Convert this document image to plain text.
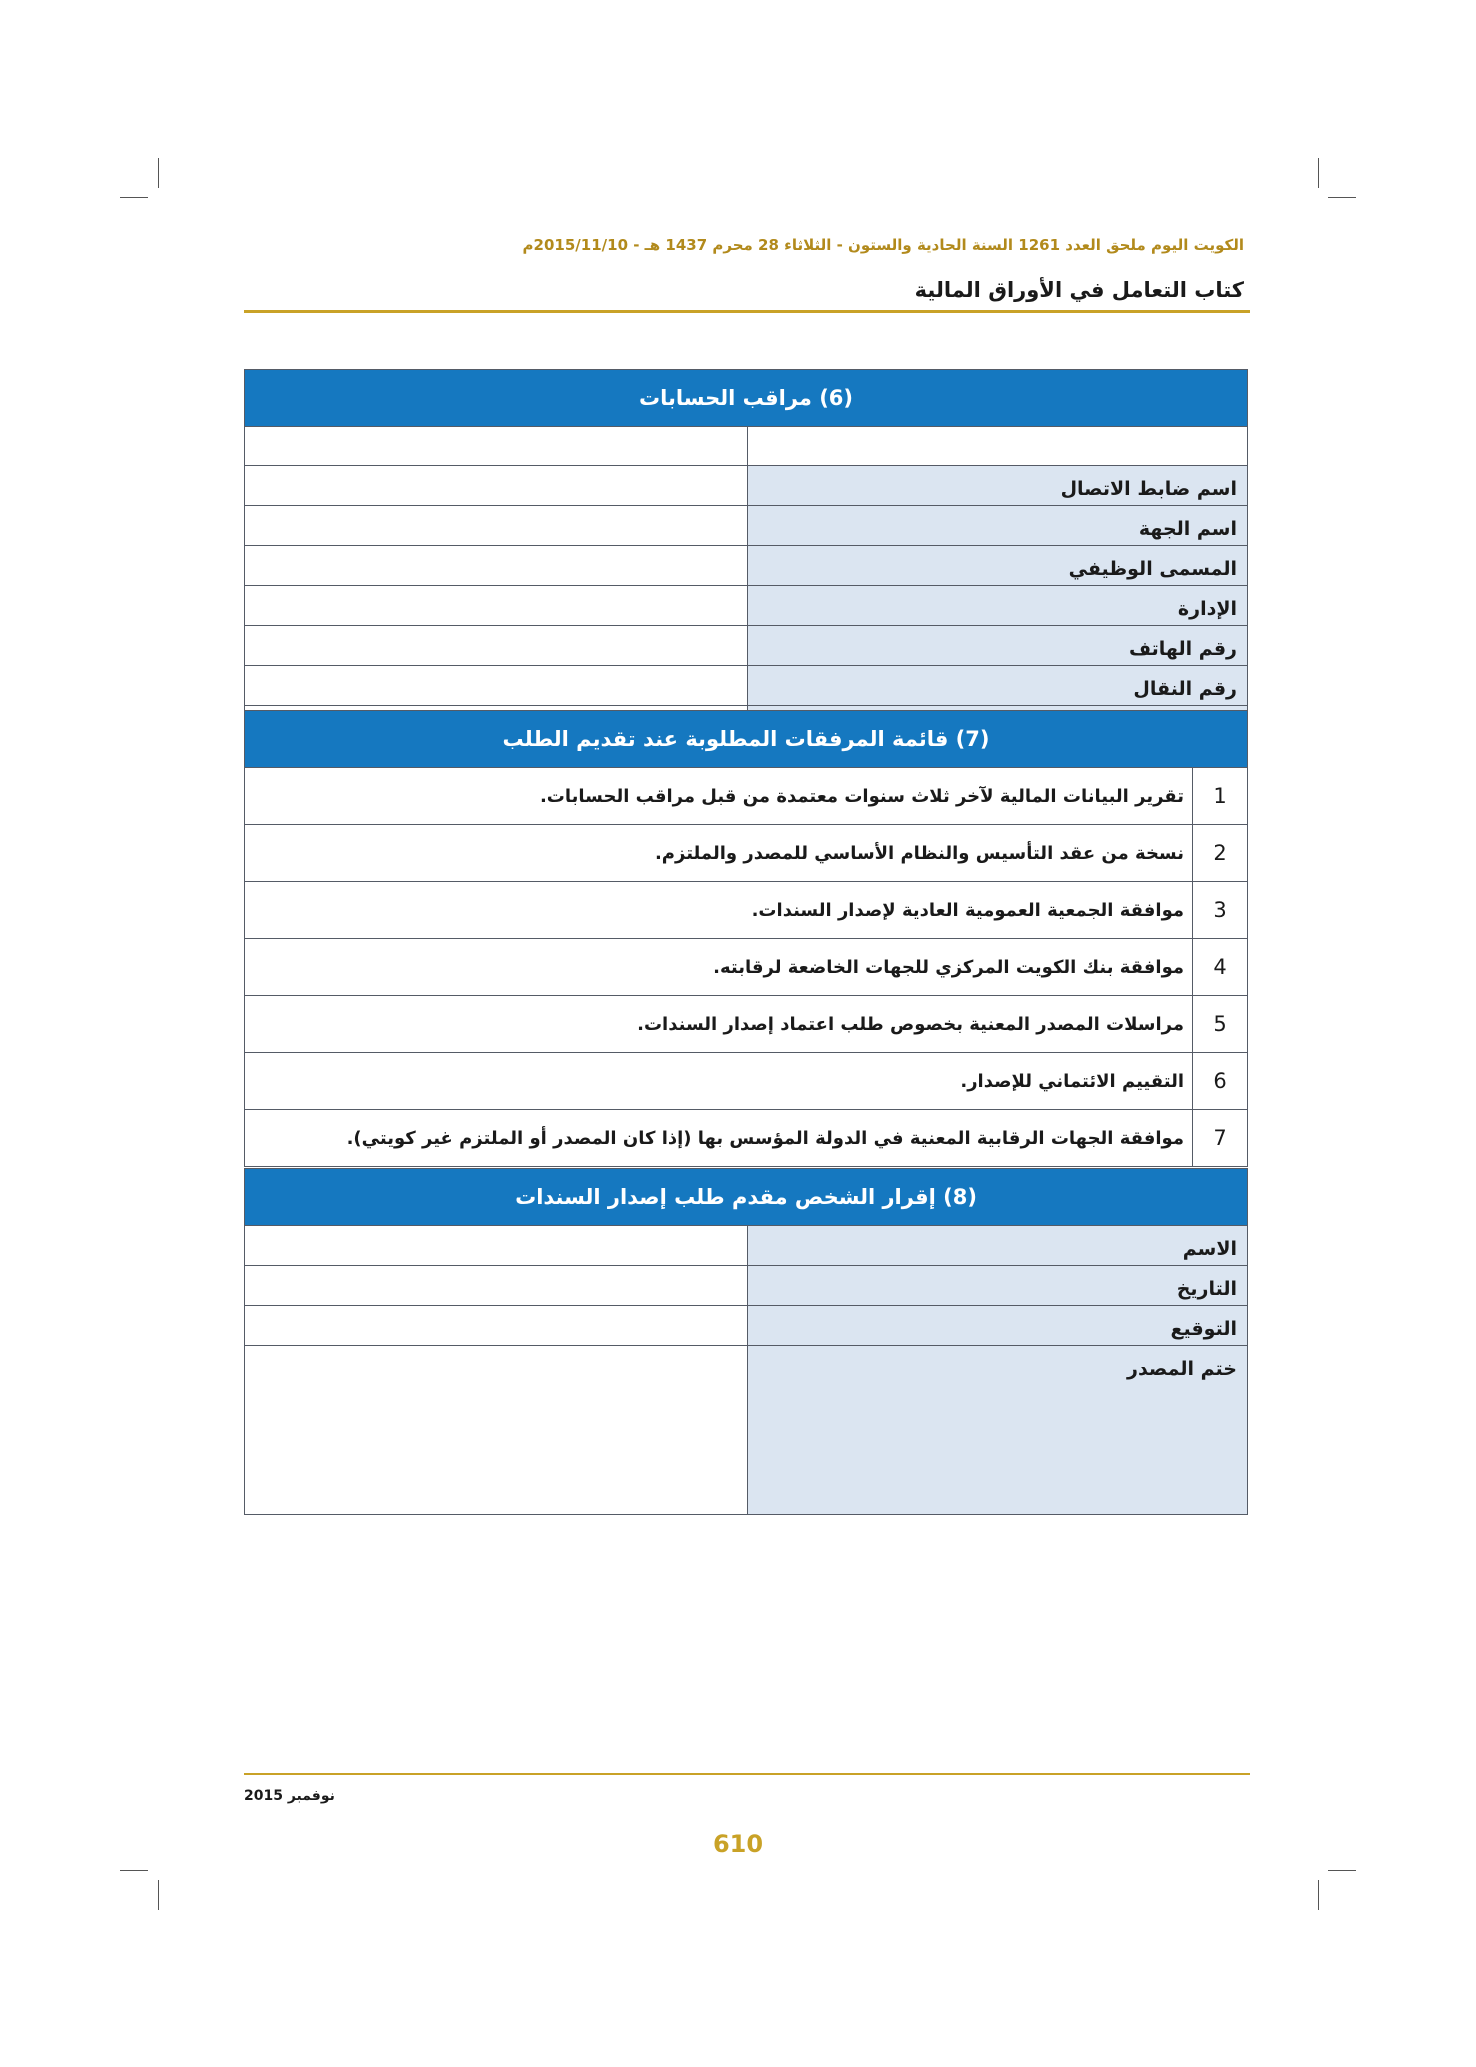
الكويت اليوم ملحق العدد 1261 السنة الحادية والستون - الثلاثاء 28 محرم 1437 هـ - 2015/11/10م
كتاب التعامل في الأوراق المالية
(6) مراقب الحسابات
اسم ضابط الاتصال
اسم الجهة
المسمى الوظيفي
الإدارة
رقم الهاتف
رقم النقال
(7) قائمة المرفقات المطلوبة عند تقديم الطلب
1
تقرير البيانات المالية لآخر ثلاث سنوات معتمدة من قبل مراقب الحسابات.
2
نسخة من عقد التأسيس والنظام الأساسي للمصدر والملتزم.
3
موافقة الجمعية العمومية العادية لإصدار السندات.
4
موافقة بنك الكويت المركزي للجهات الخاضعة لرقابته.
5
مراسلات المصدر المعنية بخصوص طلب اعتماد إصدار السندات.
6
التقييم الائتماني للإصدار.
7
موافقة الجهات الرقابية المعنية في الدولة المؤسس بها (إذا كان المصدر أو الملتزم غير كويتي).
(8) إقرار الشخص مقدم طلب إصدار السندات
الاسم
التاريخ
التوقيع
ختم المصدر
نوفمبر 2015
610
